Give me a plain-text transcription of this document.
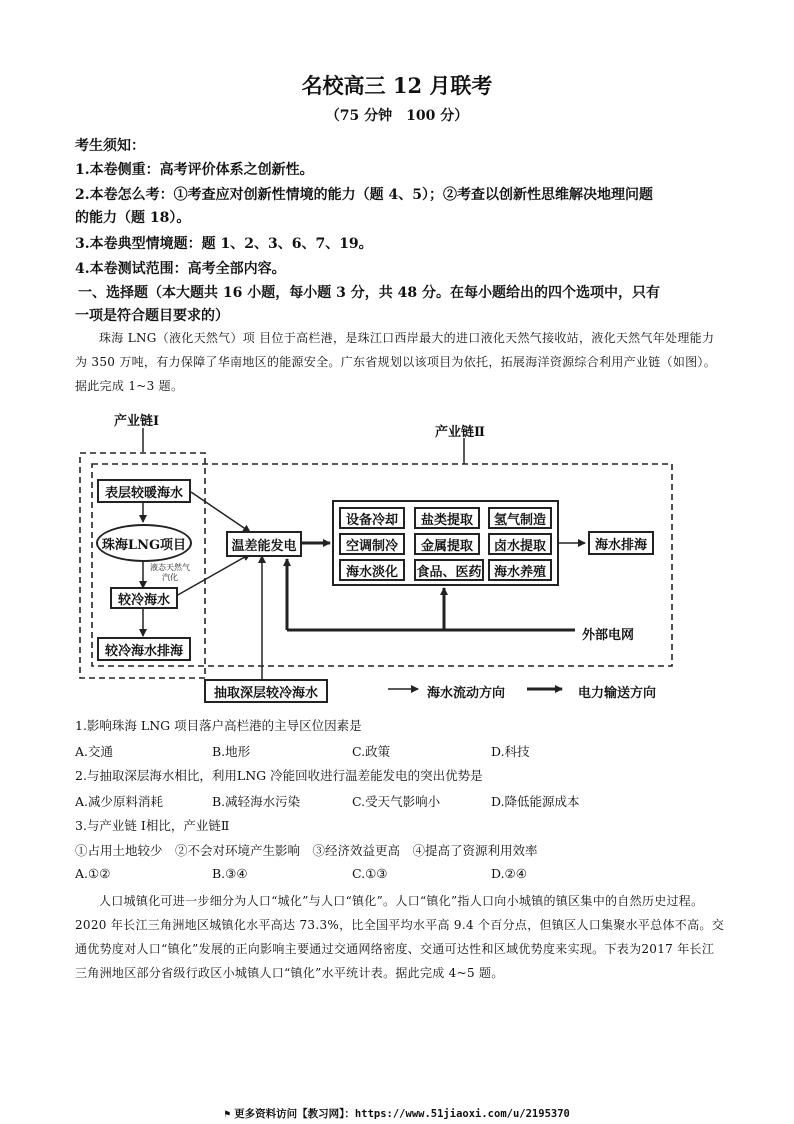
名校高三 12 月联考
（75 分钟　100 分）
考生须知：
1.本卷侧重：高考评价体系之创新性。
2.本卷怎么考：①考查应对创新性情境的能力（题 4、5）；②考查以创新性思维解决地理问题
的能力（题 18）。
3.本卷典型情境题：题 1、2、3、6、7、19。
4.本卷测试范围：高考全部内容。
一、选择题（本大题共 16 小题，每小题 3 分，共 48 分。在每小题给出的四个选项中，只有
一项是符合题目要求的）
珠海 LNG（液化天然气）项 目位于高栏港，是珠江口西岸最大的进口液化天然气接收站，液化天然气年处理能力为 350 万吨，有力保障了华南地区的能源安全。广东省规划以该项目为依托，拓展海洋资源综合利用产业链（如图）。据此完成 1~3 题。
产业链Ⅰ
产业链Ⅱ
表层较暖海水
珠海LNG项目
液态天然气
汽化
较冷海水
较冷海水排海
温差能发电
设备冷却	盐类提取	氢气制造
空调制冷	金属提取	卤水提取
海水淡化	食品、医药 海水养殖
海水排海
外部电网
抽取深层较冷海水	海水流动方向	电力输送方向
1.影响珠海 LNG 项目落户高栏港的主导区位因素是
A.交通	B.地形	C.政策	D.科技
2.与抽取深层海水相比，利用LNG 冷能回收进行温差能发电的突出优势是
A.减少原料消耗	B.减轻海水污染	C.受天气影响小	D.降低能源成本
3.与产业链 Ⅰ相比，产业链Ⅱ
①占用土地较少　②不会对环境产生影响　③经济效益更高　④提高了资源利用效率
A.①②	B.③④	C.①③	D.②④
人口城镇化可进一步细分为人口“城化”与人口“镇化”。人口“镇化”指人口向小城镇的镇区集中的自然历史过程。2020 年长江三角洲地区城镇化水平高达 73.3%，比全国平均水平高 9.4 个百分点，但镇区人口集聚水平总体不高。交通优势度对人口“镇化”发展的正向影响主要通过交通网络密度、交通可达性和区域优势度来实现。下表为2017 年长江三角洲地区部分省级行政区小城镇人口“镇化”水平统计表。据此完成 4~5 题。
⚑ 更多资料访问【教习网】：https://www.51jiaoxi.com/u/2195370
